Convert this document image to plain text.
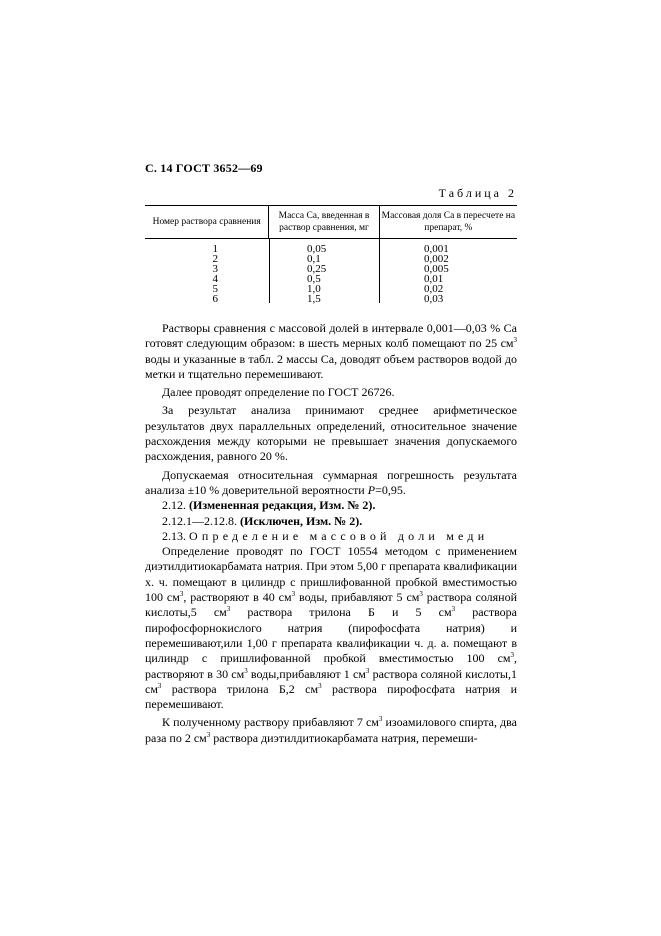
С. 14 ГОСТ 3652—69
Таблица 2
Номер раствора сравнения
Масса Са, введенная в раствор сравнения, мг
Массовая доля Са в пересчете на препарат, %
1
2
3
4
5
6
0,05
0,1
0,25
0,5
1,0
1,5
0,001
0,002
0,005
0,01
0,02
0,03

Растворы сравнения с массовой долей в интервале 0,001—0,03 % Са готовят следующим образом: в шесть мерных колб помещают по 25 $см^3$ воды и указанные в табл. 2 массы Са, доводят объем растворов водой до метки и тщательно перемешивают.

Далее проводят определение по ГОСТ 26726.

За результат анализа принимают среднее арифметическое результатов двух параллельных определений, относительное значение расхождения между которыми не превышает значения допускаемого расхождения, равного 20 %.

Допускаемая относительная суммарная погрешность результата анализа ±10 % доверительной вероятности Р=0,95.

2.12. (Измененная редакция, Изм. № 2).

2.12.1—2.12.8. (Исключен, Изм. № 2).

2.13. Определение массовой доли меди

Определение проводят по ГОСТ 10554 методом с применением диэтилдитиокарбамата натрия. При этом 5,00 г препарата квалификации х. ч. помещают в цилиндр с пришлифованной пробкой вместимостью 100 $см^3$, растворяют в 40 $см^3$ воды, прибавляют 5 $см^3$ раствора соляной кислоты,5 $см^3$ раствора трилона Б и 5 $см^3$ раствора пирофосфорнокислого натрия (пирофосфата натрия) и перемешивают,или 1,00 г препарата квалификации ч. д. а. помещают в цилиндр с пришлифованной пробкой вместимостью 100 $см^3$, растворяют в 30 $см^3$ воды,прибавляют 1 $см^3$ раствора соляной кислоты,1 $см^3$ раствора трилона Б,2 $см^3$ раствора пирофосфата натрия и перемешивают.

К полученному раствору прибавляют 7 $см^3$ изоамилового спирта, два раза по 2 $см^3$ раствора диэтилдитиокарбамата натрия, перемеши-
